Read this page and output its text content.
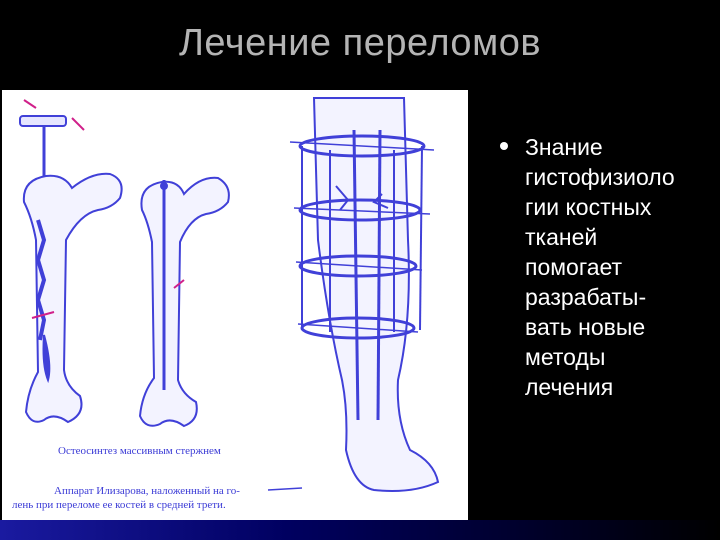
Лечение переломов
Остеосинтез массивным стержнем
Аппарат Илизарова, наложенный на го-
лень при переломе ее костей в средней трети.
Знание
гистофизиоло
гии костных
тканей
помогает
разрабаты-
вать новые
методы
лечения
